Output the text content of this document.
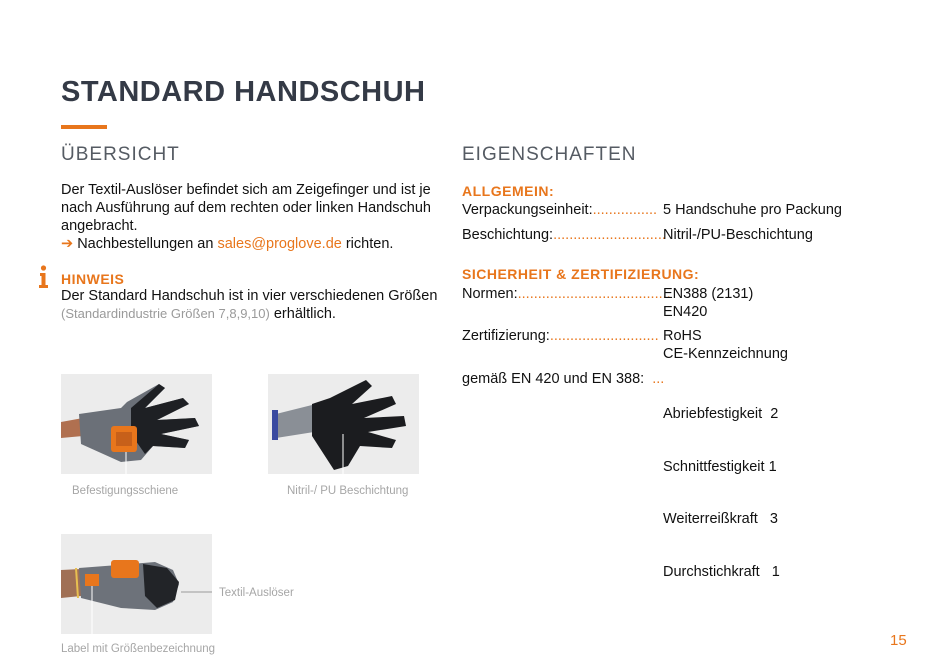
STANDARD HANDSCHUH
ÜBERSICHT
Der Textil-Auslöser befindet sich am Zeigefinger und ist je
nach Ausführung auf dem rechten oder linken Handschuh
angebracht.
➔ Nachbestellungen an sales@proglove.de richten.
HINWEIS
Der Standard Handschuh ist in vier verschiedenen Größen
(Standardindustrie Größen 7,8,9,10) erhältlich.
Befestigungsschiene	Nitril-/ PU Beschichtung
Textil-Auslöser
Label mit Größenbezeichnung
EIGENSCHAFTEN
ALLGEMEIN:
Verpackungseinheit:................ 5 Handschuhe pro Packung
Beschichtung:............................
Nitril-/PU-Beschichtung
SICHERHEIT & ZERTIFIZIERUNG:
Normen:......................................
EN388 (2131)
EN420
Zertifizierung:........................... RoHS
CE-Kennzeichnung
gemäß EN 420 und EN 388: ...

Abriebfestigkeit  2

Schnittfestigkeit 1

Weiterreißkraft   3

Durchstichkraft   1

15
